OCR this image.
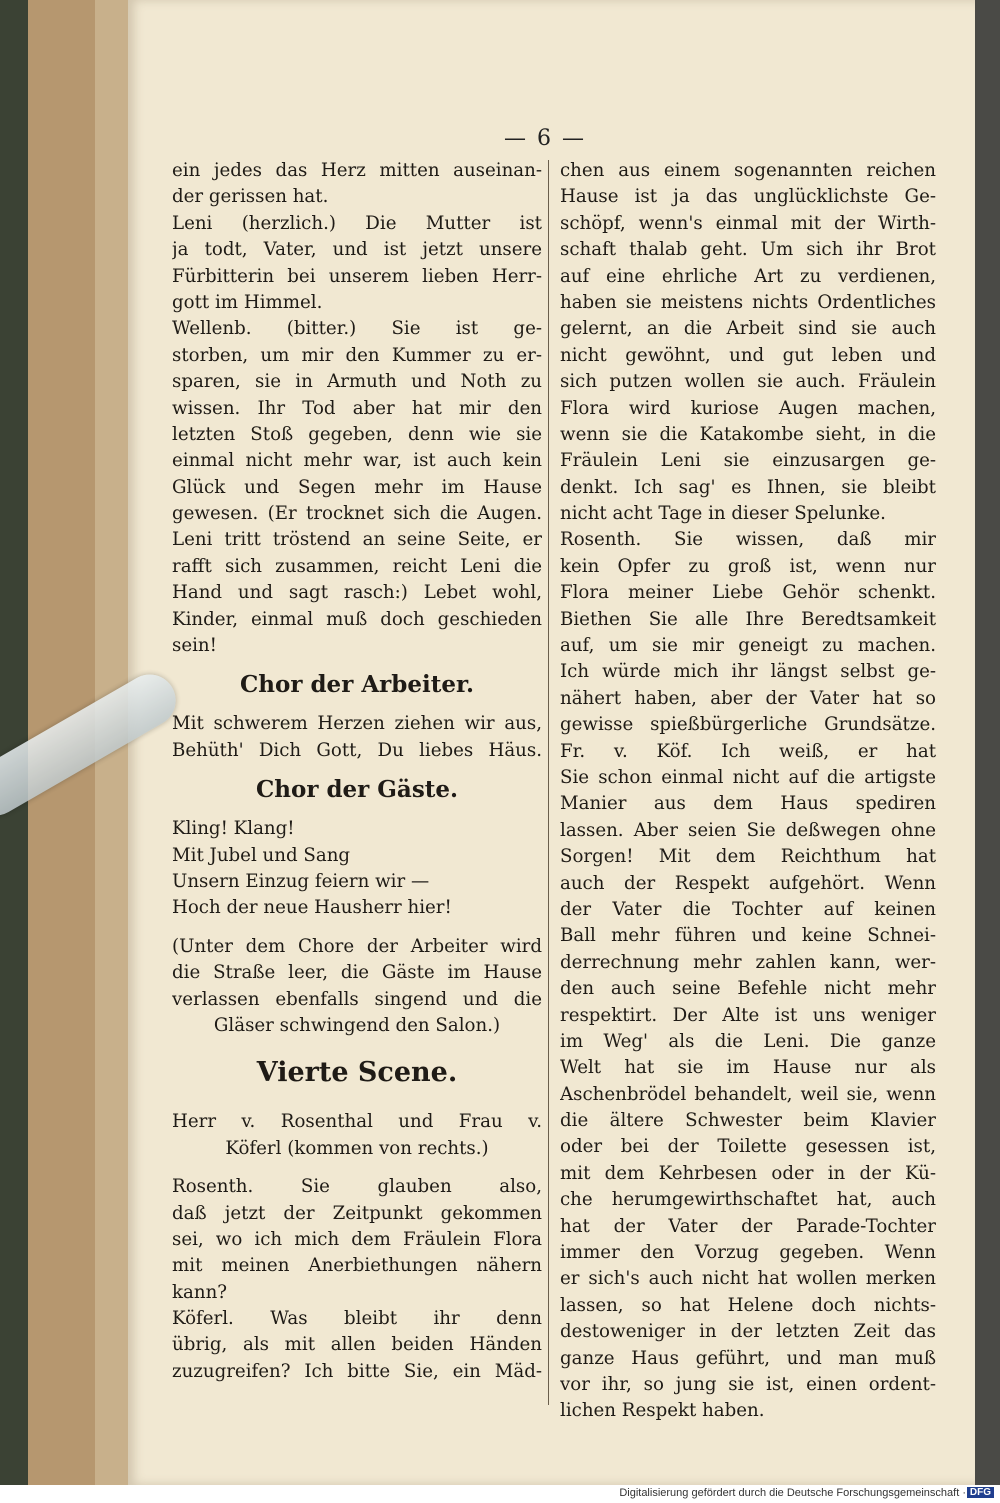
— 6 —
ein jedes das Herz mitten auseinan-
der gerissen hat.
Leni (herzlich.) Die Mutter ist
ja todt, Vater, und ist jetzt unsere
Fürbitterin bei unserem lieben Herr-
gott im Himmel.
Wellenb. (bitter.) Sie ist ge-
storben, um mir den Kummer zu er-
sparen, sie in Armuth und Noth zu
wissen. Ihr Tod aber hat mir den
letzten Stoß gegeben, denn wie sie
einmal nicht mehr war, ist auch kein
Glück und Segen mehr im Hause
gewesen. (Er trocknet sich die Augen.
Leni tritt tröstend an seine Seite, er
rafft sich zusammen, reicht Leni die
Hand und sagt rasch:) Lebet wohl,
Kinder, einmal muß doch geschieden
sein!
Chor der Arbeiter.
Mit schwerem Herzen ziehen wir aus,
Behüth' Dich Gott, Du liebes Häus.
Chor der Gäste.
Kling! Klang!
Mit Jubel und Sang
Unsern Einzug feiern wir —
Hoch der neue Hausherr hier!
(Unter dem Chore der Arbeiter wird
die Straße leer, die Gäste im Hause
verlassen ebenfalls singend und die
Gläser schwingend den Salon.)
Vierte Scene.
Herr v. Rosenthal und Frau v.
Köferl (kommen von rechts.)
Rosenth. Sie glauben also,
daß jetzt der Zeitpunkt gekommen
sei, wo ich mich dem Fräulein Flora
mit meinen Anerbiethungen nähern
kann?
Köferl. Was bleibt ihr denn
übrig, als mit allen beiden Händen
zuzugreifen? Ich bitte Sie, ein Mäd-
chen aus einem sogenannten reichen
Hause ist ja das unglücklichste Ge-
schöpf, wenn's einmal mit der Wirth-
schaft thalab geht. Um sich ihr Brot
auf eine ehrliche Art zu verdienen,
haben sie meistens nichts Ordentliches
gelernt, an die Arbeit sind sie auch
nicht gewöhnt, und gut leben und
sich putzen wollen sie auch. Fräulein
Flora wird kuriose Augen machen,
wenn sie die Katakombe sieht, in die
Fräulein Leni sie einzusargen ge-
denkt. Ich sag' es Ihnen, sie bleibt
nicht acht Tage in dieser Spelunke.
Rosenth. Sie wissen, daß mir
kein Opfer zu groß ist, wenn nur
Flora meiner Liebe Gehör schenkt.
Biethen Sie alle Ihre Beredtsamkeit
auf, um sie mir geneigt zu machen.
Ich würde mich ihr längst selbst ge-
nähert haben, aber der Vater hat so
gewisse spießbürgerliche Grundsätze.
Fr. v. Köf. Ich weiß, er hat
Sie schon einmal nicht auf die artigste
Manier aus dem Haus spediren
lassen. Aber seien Sie deßwegen ohne
Sorgen! Mit dem Reichthum hat
auch der Respekt aufgehört. Wenn
der Vater die Tochter auf keinen
Ball mehr führen und keine Schnei-
derrechnung mehr zahlen kann, wer-
den auch seine Befehle nicht mehr
respektirt. Der Alte ist uns weniger
im Weg' als die Leni. Die ganze
Welt hat sie im Hause nur als
Aschenbrödel behandelt, weil sie, wenn
die ältere Schwester beim Klavier
oder bei der Toilette gesessen ist,
mit dem Kehrbesen oder in der Kü-
che herumgewirthschaftet hat, auch
hat der Vater der Parade-Tochter
immer den Vorzug gegeben. Wenn
er sich's auch nicht hat wollen merken
lassen, so hat Helene doch nichts-
destoweniger in der letzten Zeit das
ganze Haus geführt, und man muß
vor ihr, so jung sie ist, einen ordent-
lichen Respekt haben.
Digitalisierung gefördert durch die Deutsche Forschungsgemeinschaft · DFG
